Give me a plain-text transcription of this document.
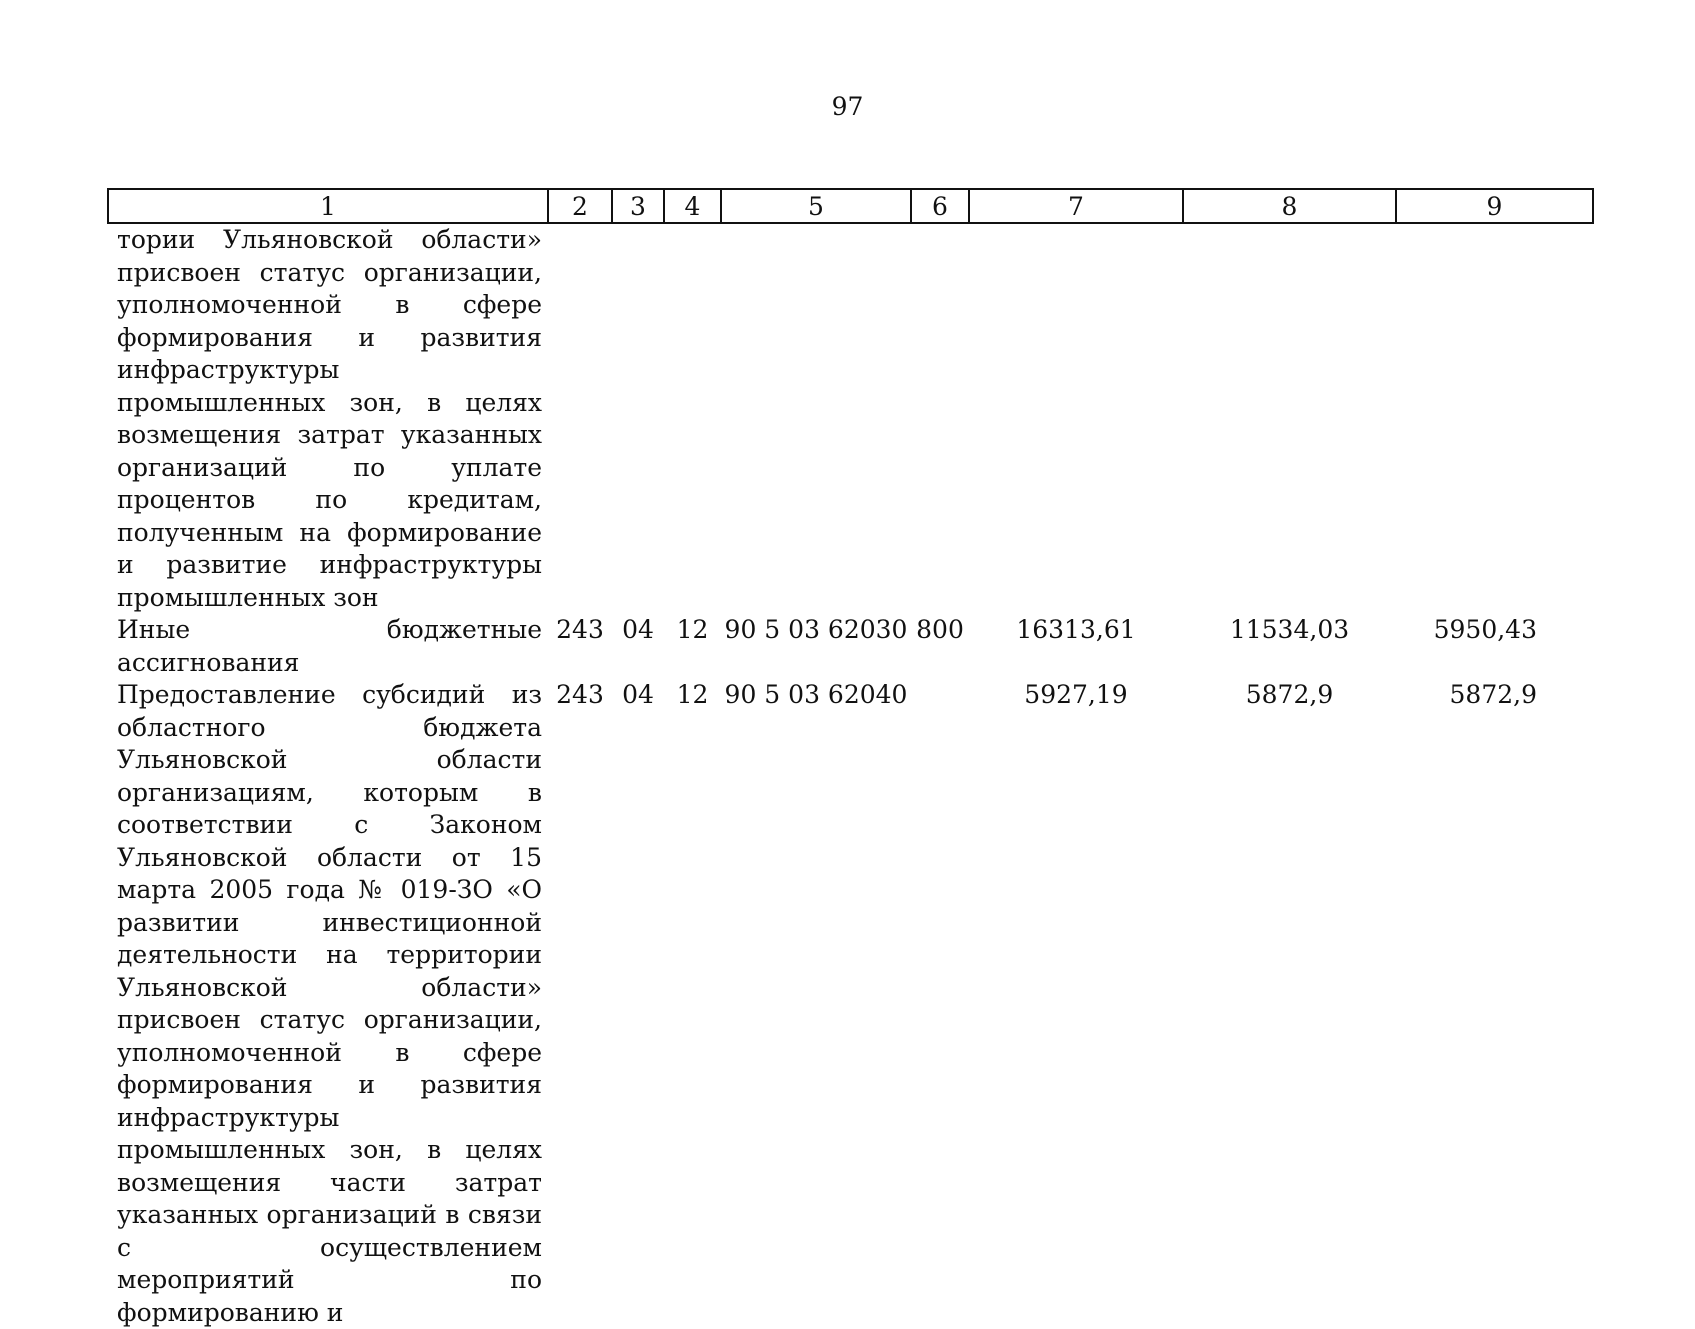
97
1	2	3	4	5	6	7	8	9
тории Ульяновской области» присвоен статус организации, уполномоченной в сфере формирования и развития инфраструктуры промышленных зон, в целях возмещения затрат указанных организаций по уплате процентов по кредитам, полученным на формирование и развитие инфраструктуры промышленных зон								
Иные бюджетные ассигнования	243	04	12	90 5 03 62030	800	16313,61	11534,03	5950,43
Предоставление субсидий из областного бюджета Ульяновской области организациям, которым в соответствии с Законом Ульяновской области от 15 марта 2005 года № 019-ЗО «О развитии инвестиционной деятельности на территории Ульяновской области» присвоен статус организации, уполномоченной в сфере формирования и развития инфраструктуры промышленных зон, в целях возмещения части затрат указанных организаций в связи с осуществлением мероприятий по формированию и	243	04	12	90 5 03 62040		5927,19	5872,9	5872,9
